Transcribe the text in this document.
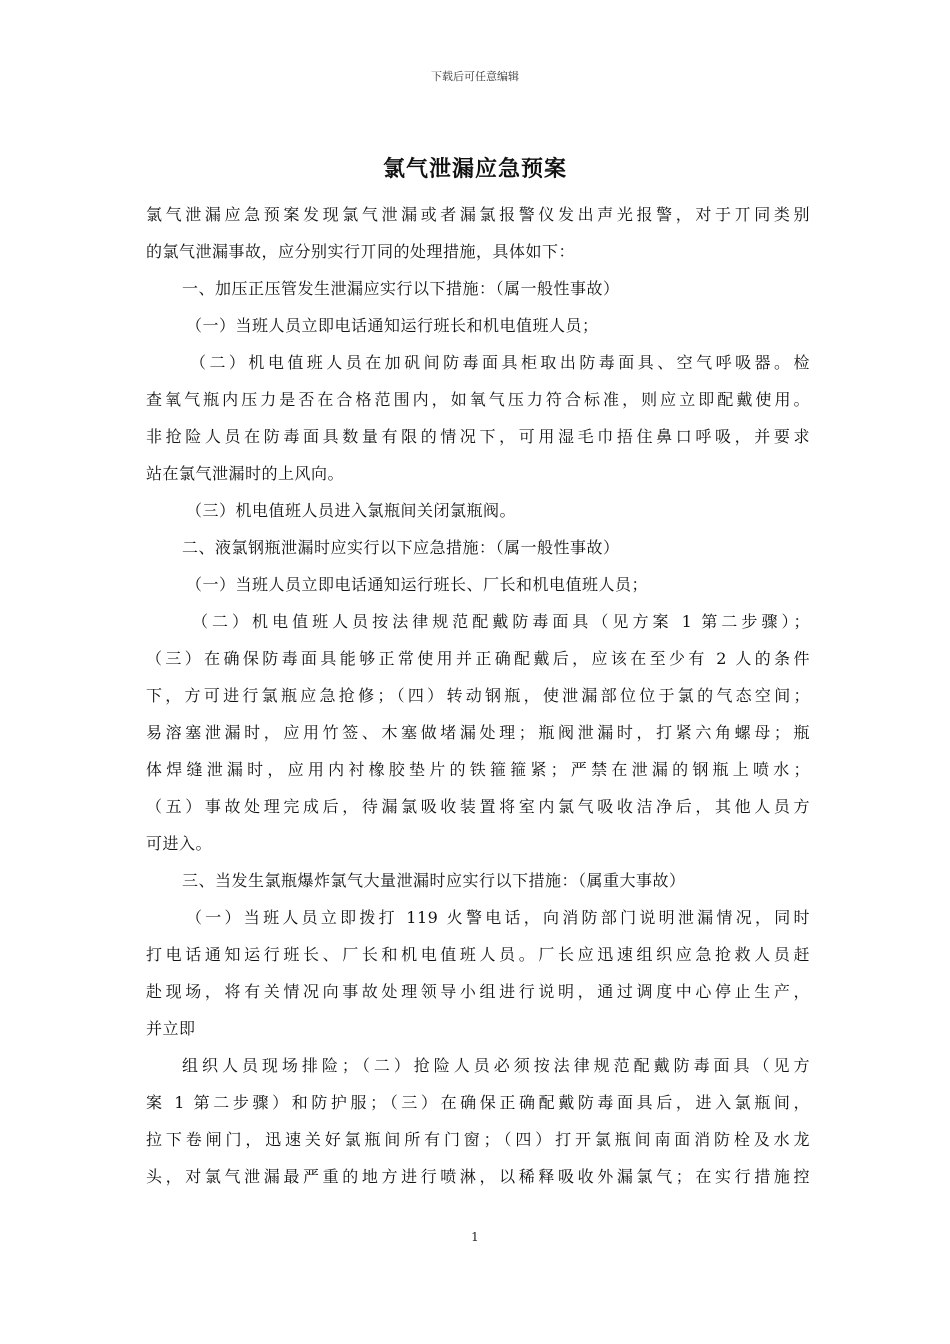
下载后可任意编辑
氯气泄漏应急预案
氯气泄漏应急预案发现氯气泄漏或者漏氯报警仪发出声光报警，对于丌同类别
的氯气泄漏事故，应分别实行丌同的处理措施，具体如下：
一、加压正压管发生泄漏应实行以下措施：（属一般性事故）
（一）当班人员立即电话通知运行班长和机电值班人员；
（二）机电值班人员在加矾间防毒面具柜取出防毒面具、空气呼吸器。检
查氧气瓶内压力是否在合格范围内，如氧气压力符合标准，则应立即配戴使用。
非抢险人员在防毒面具数量有限的情况下，可用湿毛巾捂住鼻口呼吸，并要求
站在氯气泄漏时的上风向。
（三）机电值班人员进入氯瓶间关闭氯瓶阀。
二、液氯钢瓶泄漏时应实行以下应急措施：（属一般性事故）
（一）当班人员立即电话通知运行班长、厂长和机电值班人员；
（二）机电值班人员按法律规范配戴防毒面具（见方案 1 第二步骤）；
（三）在确保防毒面具能够正常使用并正确配戴后，应该在至少有 2 人的条件
下，方可进行氯瓶应急抢修；（四）转动钢瓶，使泄漏部位位于氯的气态空间；
易溶塞泄漏时，应用竹签、木塞做堵漏处理；瓶阀泄漏时，打紧六角螺母；瓶
体焊缝泄漏时，应用内衬橡胶垫片的铁箍箍紧；严禁在泄漏的钢瓶上喷水；
（五）事故处理完成后，待漏氯吸收装置将室内氯气吸收洁净后，其他人员方
可进入。
三、当发生氯瓶爆炸氯气大量泄漏时应实行以下措施：（属重大事故）
（一）当班人员立即拨打 119 火警电话，向消防部门说明泄漏情况，同时
打电话通知运行班长、厂长和机电值班人员。厂长应迅速组织应急抢救人员赶
赴现场，将有关情况向事故处理领导小组进行说明，通过调度中心停止生产，
并立即
组织人员现场排险；（二）抢险人员必须按法律规范配戴防毒面具（见方
案 1 第二步骤）和防护服；（三）在确保正确配戴防毒面具后，进入氯瓶间，
拉下卷闸门，迅速关好氯瓶间所有门窗；（四）打开氯瓶间南面消防栓及水龙
头，对氯气泄漏最严重的地方进行喷淋，以稀释吸收外漏氯气；在实行措施控
1
